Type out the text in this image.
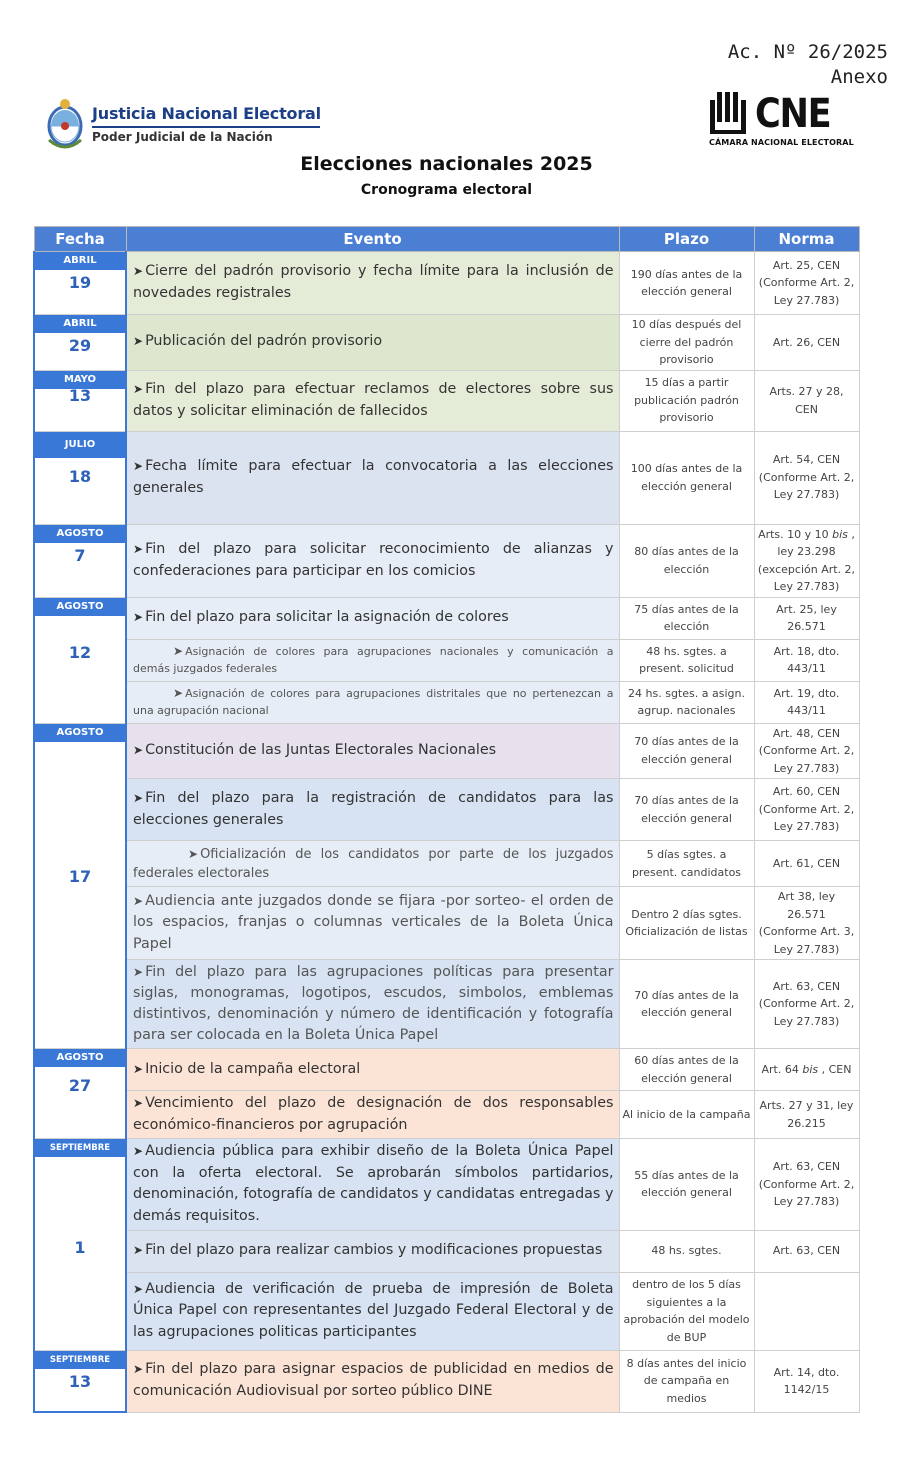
Ac. Nº 26/2025
Anexo
Justicia Nacional Electoral
Poder Judicial de la Nación	CNE
CÁMARA NACIONAL ELECTORAL
Elecciones nacionales 2025
Cronograma electoral
Fecha	Evento	Plazo	Norma

ABRIL
19	➤ Cierre del padrón provisorio y fecha límite para la inclusión de novedades registrales	190 días antes de la elección general	Art. 25, CEN (Conforme Art. 2, Ley 27.783)

ABRIL
29	➤ Publicación del padrón provisorio	10 días después del cierre del padrón provisorio	Art. 26, CEN

MAYO
13	➤ Fin del plazo para efectuar reclamos de electores sobre sus datos y solicitar eliminación de fallecidos	15 días a partir publicación padrón provisorio	Arts. 27 y 28, CEN

JULIO
18	➤ Fecha límite para efectuar la convocatoria a las elecciones generales	100 días antes de la elección general	Art. 54, CEN (Conforme Art. 2, Ley 27.783)

AGOSTO
7	➤ Fin del plazo para solicitar reconocimiento de alianzas y confederaciones para participar en los comicios	80 días antes de la elección	Arts. 10 y 10 bis , ley 23.298 (excepción Art. 2, Ley 27.783)

AGOSTO
12	➤ Fin del plazo para solicitar la asignación de colores	75 días antes de la elección	Art. 25, ley 26.571
	➤ Asignación de colores para agrupaciones nacionales y comunicación a demás juzgados federales	48 hs. sgtes. a present. solicitud	Art. 18, dto. 443/11
	➤ Asignación de colores para agrupaciones distritales que no pertenezcan a una agrupación nacional	24 hs. sgtes. a asign. agrup. nacionales	Art. 19, dto. 443/11

AGOSTO
17	➤ Constitución de las Juntas Electorales Nacionales	70 días antes de la elección general	Art. 48, CEN (Conforme Art. 2, Ley 27.783)
	➤ Fin del plazo para la registración de candidatos para las elecciones generales	70 días antes de la elección general	Art. 60, CEN (Conforme Art. 2, Ley 27.783)
	➤ Oficialización de los candidatos por parte de los juzgados federales electorales	5 días sgtes. a present. candidatos	Art. 61, CEN
	➤ Audiencia ante juzgados donde se fijara -por sorteo- el orden de los espacios, franjas o columnas verticales de la Boleta Única Papel	Dentro 2 días sgtes. Oficialización de listas	Art 38, ley 26.571 (Conforme Art. 3, Ley 27.783)
	➤ Fin del plazo para las agrupaciones políticas para presentar siglas, monogramas, logotipos, escudos, simbolos, emblemas distintivos, denominación y número de identificación y fotografía para ser colocada en la Boleta Única Papel	70 días antes de la elección general	Art. 63, CEN (Conforme Art. 2, Ley 27.783)

AGOSTO
27	➤ Inicio de la campaña electoral	60 días antes de la elección general	Art. 64 bis , CEN
	➤ Vencimiento del plazo de designación de dos responsables económico-financieros por agrupación	Al inicio de la campaña	Arts. 27 y 31, ley 26.215

SEPTIEMBRE
1	➤ Audiencia pública para exhibir diseño de la Boleta Única Papel con la oferta electoral. Se aprobarán símbolos partidarios, denominación, fotografía de candidatos y candidatas entregadas y demás requisitos.	55 días antes de la elección general	Art. 63, CEN (Conforme Art. 2, Ley 27.783)
	➤ Fin del plazo para realizar cambios y modificaciones propuestas	48 hs. sgtes.	Art. 63, CEN
	➤ Audiencia de verificación de prueba de impresión de Boleta Única Papel con representantes del Juzgado Federal Electoral y de las agrupaciones politicas participantes	dentro de los 5 días siguientes a la aprobación del modelo de BUP	

SEPTIEMBRE
13	➤ Fin del plazo para asignar espacios de publicidad en medios de comunicación Audiovisual por sorteo público DINE	8 días antes del inicio de campaña en medios	Art. 14, dto. 1142/15
